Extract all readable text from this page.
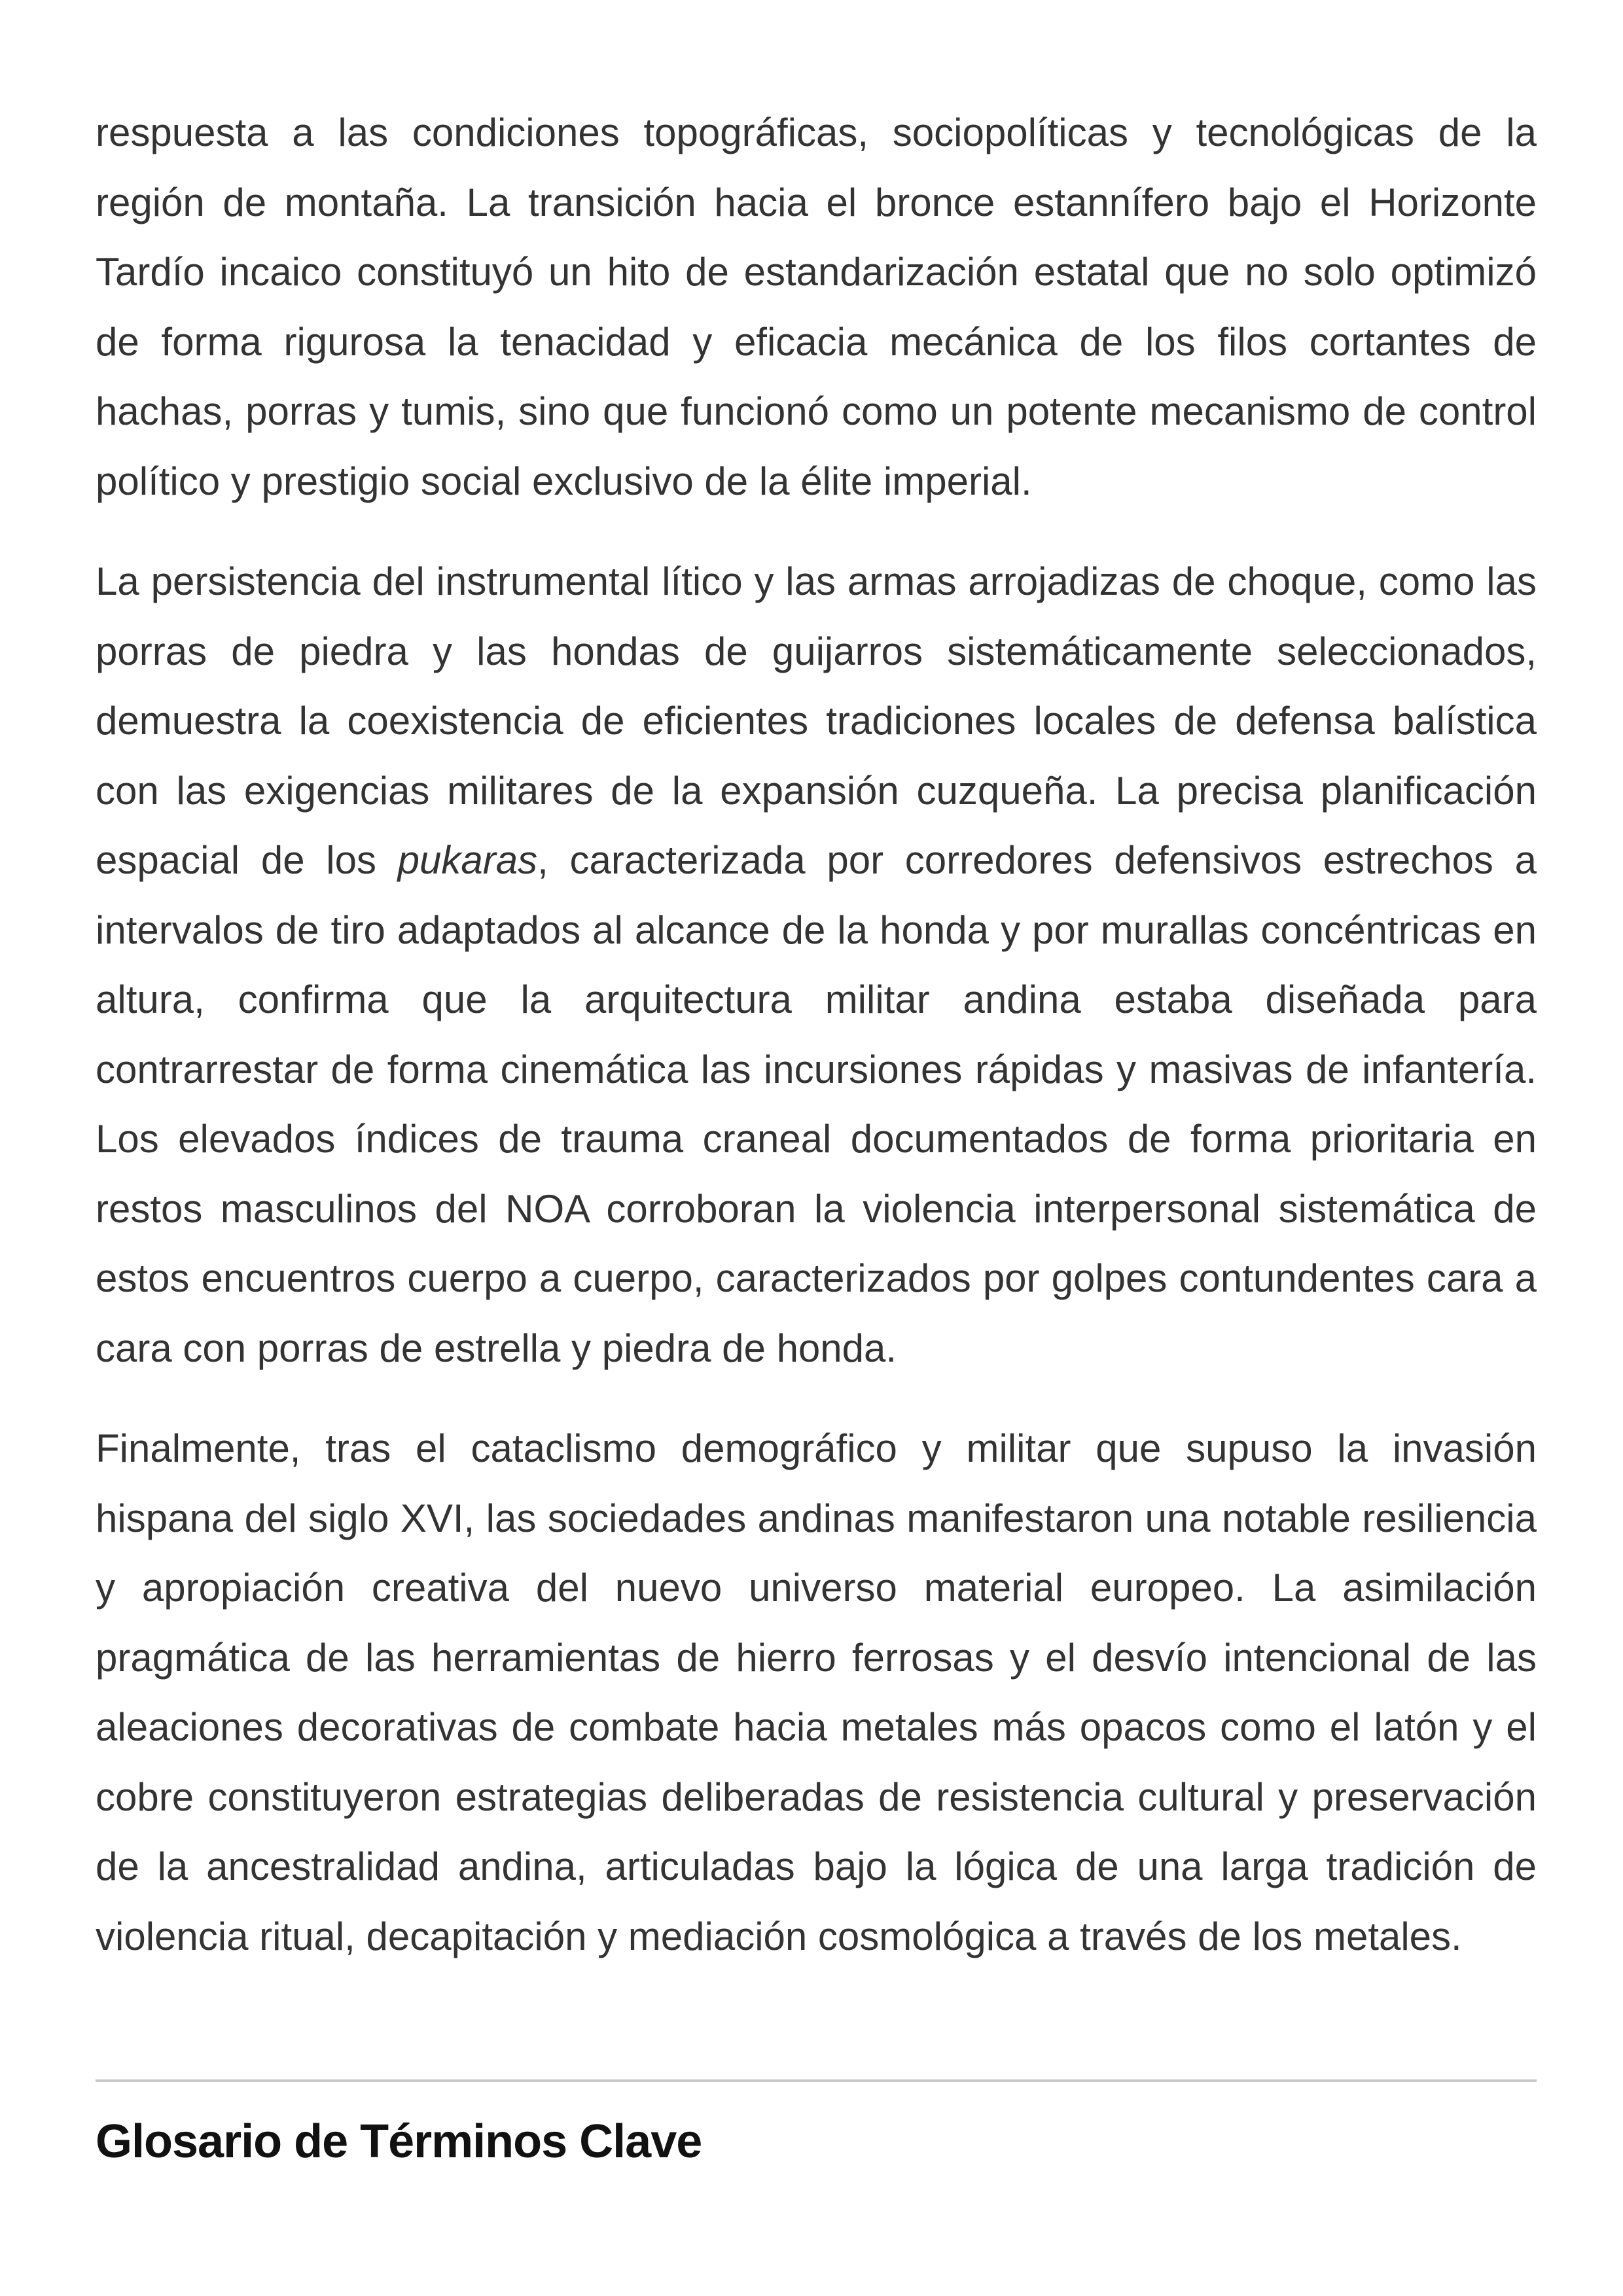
respuesta a las condiciones topográficas, sociopolíticas y tecnológicas de la región de montaña. La transición hacia el bronce estannífero bajo el Horizonte Tardío incaico constituyó un hito de estandarización estatal que no solo optimizó de forma rigurosa la tenacidad y eficacia mecánica de los filos cortantes de hachas, porras y tumis, sino que funcionó como un potente mecanismo de control político y prestigio social exclusivo de la élite imperial.

La persistencia del instrumental lítico y las armas arrojadizas de choque, como las porras de piedra y las hondas de guijarros sistemáticamente seleccionados, demuestra la coexistencia de eficientes tradiciones locales de defensa balística con las exigencias militares de la expansión cuzqueña. La precisa planificación espacial de los pukaras, caracterizada por corredores defensivos estrechos a intervalos de tiro adaptados al alcance de la honda y por murallas concéntricas en altura, confirma que la arquitectura militar andina estaba diseñada para contrarrestar de forma cinemática las incursiones rápidas y masivas de infantería. Los elevados índices de trauma craneal documentados de forma prioritaria en restos masculinos del NOA corroboran la violencia interpersonal sistemática de estos encuentros cuerpo a cuerpo, caracterizados por golpes contundentes cara a cara con porras de estrella y piedra de honda.

Finalmente, tras el cataclismo demográfico y militar que supuso la invasión hispana del siglo XVI, las sociedades andinas manifestaron una notable resiliencia y apropiación creativa del nuevo universo material europeo. La asimilación pragmática de las herramientas de hierro ferrosas y el desvío intencional de las aleaciones decorativas de combate hacia metales más opacos como el latón y el cobre constituyeron estrategias deliberadas de resistencia cultural y preservación de la ancestralidad andina, articuladas bajo la lógica de una larga tradición de violencia ritual, decapitación y mediación cosmológica a través de los metales.

Glosario de Términos Clave
